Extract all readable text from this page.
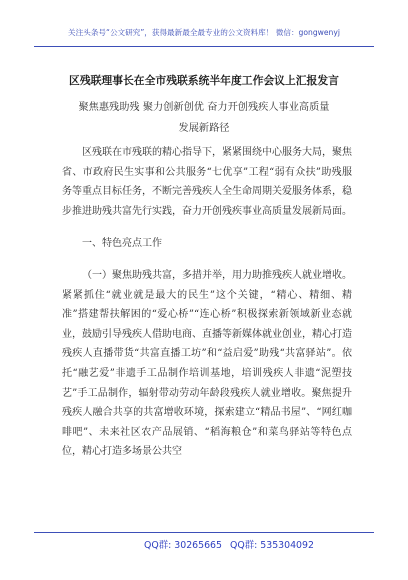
关注头条号“公文研究”，获得最新最全最专业的公文资料库！ 微信：gongwenyj
区残联理事长在全市残联系统半年度工作会议上汇报发言
聚焦惠残助残 聚力创新创优 奋力开创残疾人事业高质量
发展新路径

区残联在市残联的精心指导下，紧紧围绕中心服务大局，聚焦省、市政府民生实事和公共服务“七优享”工程“弱有众扶”助残服务等重点目标任务，不断完善残疾人全生命周期关爱服务体系，稳步推进助残共富先行实践，奋力开创残疾事业高质量发展新局面。

一、特色亮点工作

（一）聚焦助残共富，多措并举，用力助推残疾人就业增收。紧紧抓住“就业就是最大的民生”这个关键，“精心、精细、精准”搭建帮扶解困的“爱心桥”“连心桥”积极探索新领域新业态就业，鼓励引导残疾人借助电商、直播等新媒体就业创业，精心打造残疾人直播带货“共富直播工坊”和“益启爱”助残“共富驿站”。依托“融艺爱”非遗手工品制作培训基地，培训残疾人非遗“泥塑技艺”手工品制作，辐射带动劳动年龄段残疾人就业增收。聚焦提升残疾人融合共享的共富增收环境，探索建立“精品书屋”、“网红咖啡吧”、未来社区农产品展销、“稻海粮仓”和菜鸟驿站等特色点位，精心打造多场景公共空

QQ群: 30265665 QQ群: 535304092
